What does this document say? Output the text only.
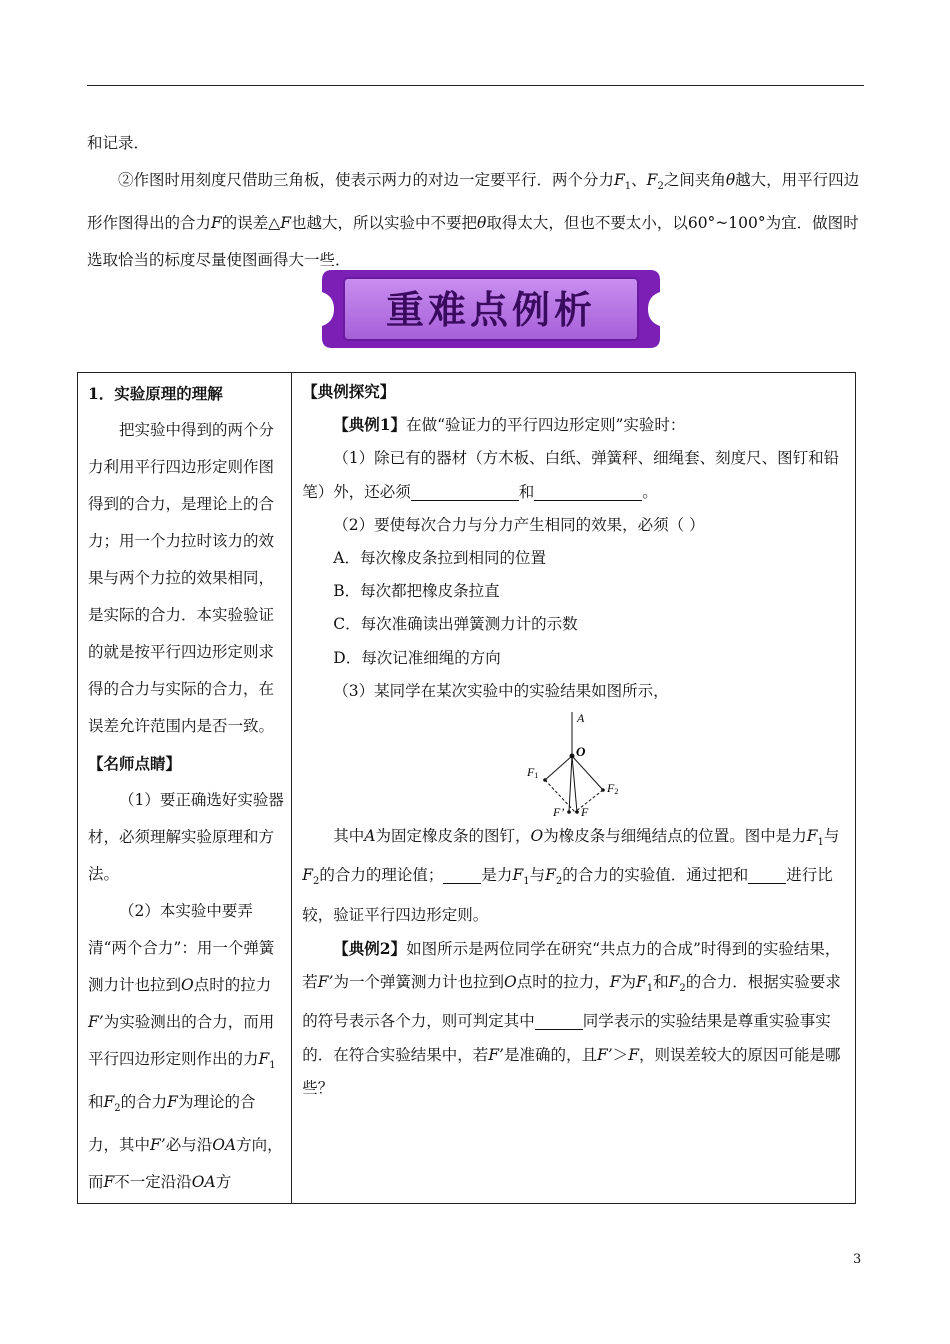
和记录．

②作图时用刻度尺借助三角板，使表示两力的对边一定要平行．两个分力$F_1$、$F_2$之间夹角θ越大，用平行四边形作图得出的合力F的误差△F也越大，所以实验中不要把θ取得太大，但也不要太小，以60°~100°为宜．做图时选取恰当的标度尽量使图画得大一些．

重难点例析

1．实验原理的理解

把实验中得到的两个分力利用平行四边形定则作图得到的合力，是理论上的合力；用一个力拉时该力的效果与两个力拉的效果相同，是实际的合力．本实验验证的就是按平行四边形定则求得的合力与实际的合力，在误差允许范围内是否一致。

【名师点睛】

（1）要正确选好实验器材，必须理解实验原理和方法。

（2）本实验中要弄清“两个合力”：用一个弹簧测力计也拉到O点时的拉力F’为实验测出的合力，而用平行四边形定则作出的力$F_1$和$F_2$的合力F为理论的合力，其中F’必与沿OA方向，而F不一定沿沿OA方

【典例探究】

【典例1】在做“验证力的平行四边形定则”实验时：

（1）除已有的器材（方木板、白纸、弹簧秤、细绳套、刻度尺、图钉和铅笔）外，还必须	和	。

（2）要使每次合力与分力产生相同的效果，必须（ ）

A．每次橡皮条拉到相同的位置

B．每次都把橡皮条拉直

C．每次准确读出弹簧测力计的示数

D．每次记准细绳的方向

（3）某同学在某次实验中的实验结果如图所示，

A
O
F1
F2
F’ F

其中A为固定橡皮条的图钉，O为橡皮条与细绳结点的位置。图中是力$F_1$与$F_2$的合力的理论值； 是力$F_1$与$F_2$的合力的实验值．通过把和 进行比较，验证平行四边形定则。

【典例2】如图所示是两位同学在研究“共点力的合成”时得到的实验结果，若F’为一个弹簧测力计也拉到O点时的拉力，F为$F_1$和$F_2$的合力．根据实验要求的符号表示各个力，则可判定其中	同学表示的实验结果是尊重实验事实的．在符合实验结果中，若F’是准确的，且F’＞F，则误差较大的原因可能是哪些？

3
